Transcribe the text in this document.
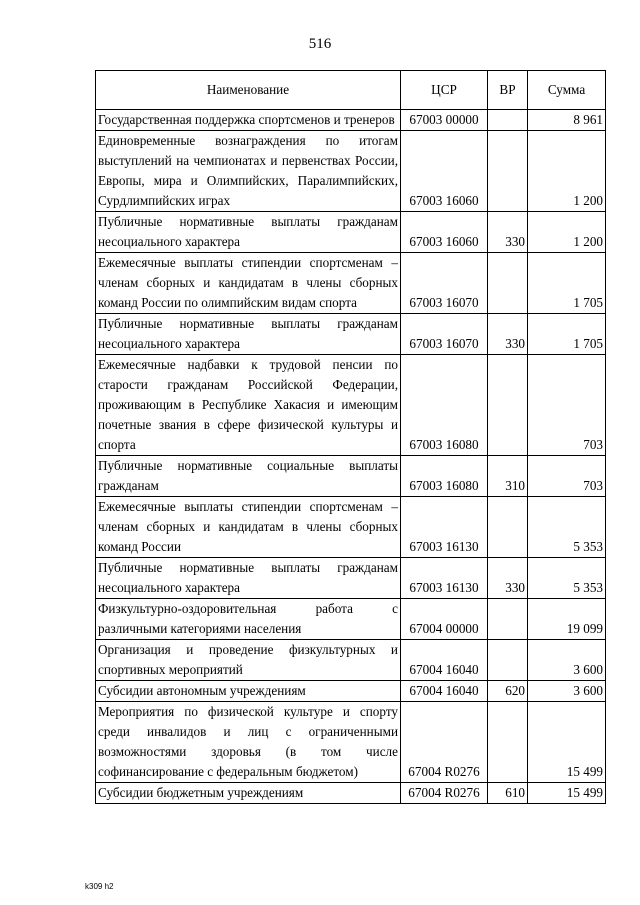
516
Наименование	ЦСР	ВР	Сумма
Государственная поддержка спортсменов и тренеров	67003 00000		8 961
Единовременные вознаграждения по итогам выступлений на чемпионатах и первенствах России, Европы, мира и Олимпийских, Паралимпийских, Сурдлимпийских играх	67003 16060		1 200
Публичные нормативные выплаты гражданам несоциального характера	67003 16060	330	1 200
Ежемесячные выплаты стипендии спортсменам – членам сборных и кандидатам в члены сборных команд России по олимпийским видам спорта	67003 16070		1 705
Публичные нормативные выплаты гражданам несоциального характера	67003 16070	330	1 705
Ежемесячные надбавки к трудовой пенсии по старости гражданам Российской Федерации, проживающим в Республике Хакасия и имеющим почетные звания в сфере физической культуры и спорта	67003 16080		703
Публичные нормативные социальные выплаты гражданам	67003 16080	310	703
Ежемесячные выплаты стипендии спортсменам – членам сборных и кандидатам в члены сборных команд России	67003 16130		5 353
Публичные нормативные выплаты гражданам несоциального характера	67003 16130	330	5 353
Физкультурно-оздоровительная работа с различными категориями населения	67004 00000		19 099
Организация и проведение физкультурных и спортивных мероприятий	67004 16040		3 600
Субсидии автономным учреждениям	67004 16040	620	3 600
Мероприятия по физической культуре и спорту среди инвалидов и лиц с ограниченными возможностями здоровья (в том числе софинансирование с федеральным бюджетом)	67004 R0276		15 499
Субсидии бюджетным учреждениям	67004 R0276	610	15 499
k309 h2
